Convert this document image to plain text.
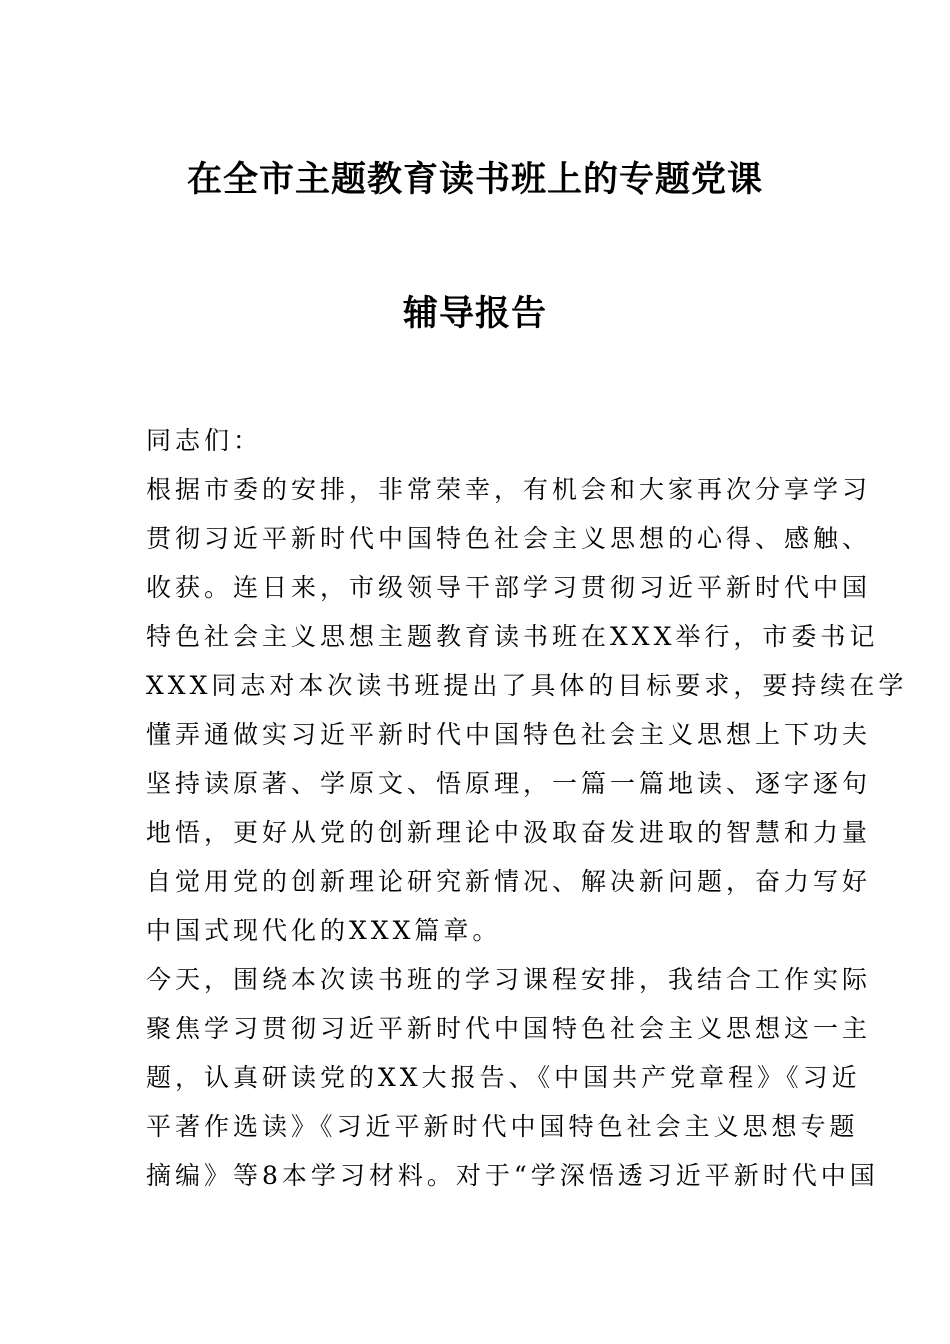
在全市主题教育读书班上的专题党课
辅导报告
同志们：
根据市委的安排，非常荣幸，有机会和大家再次分享学习
贯彻习近平新时代中国特色社会主义思想的心得、感触、
收获。连日来，市级领导干部学习贯彻习近平新时代中国
特色社会主义思想主题教育读书班在XXX举行，市委书记
XXX同志对本次读书班提出了具体的目标要求，要持续在学
懂弄通做实习近平新时代中国特色社会主义思想上下功夫
坚持读原著、学原文、悟原理，一篇一篇地读、逐字逐句
地悟，更好从党的创新理论中汲取奋发进取的智慧和力量
自觉用党的创新理论研究新情况、解决新问题，奋力写好
中国式现代化的XXX篇章。
今天，围绕本次读书班的学习课程安排，我结合工作实际
聚焦学习贯彻习近平新时代中国特色社会主义思想这一主
题，认真研读党的XX大报告、《中国共产党章程》《习近
平著作选读》《习近平新时代中国特色社会主义思想专题
摘编》等8本学习材料。对于“学深悟透习近平新时代中国
